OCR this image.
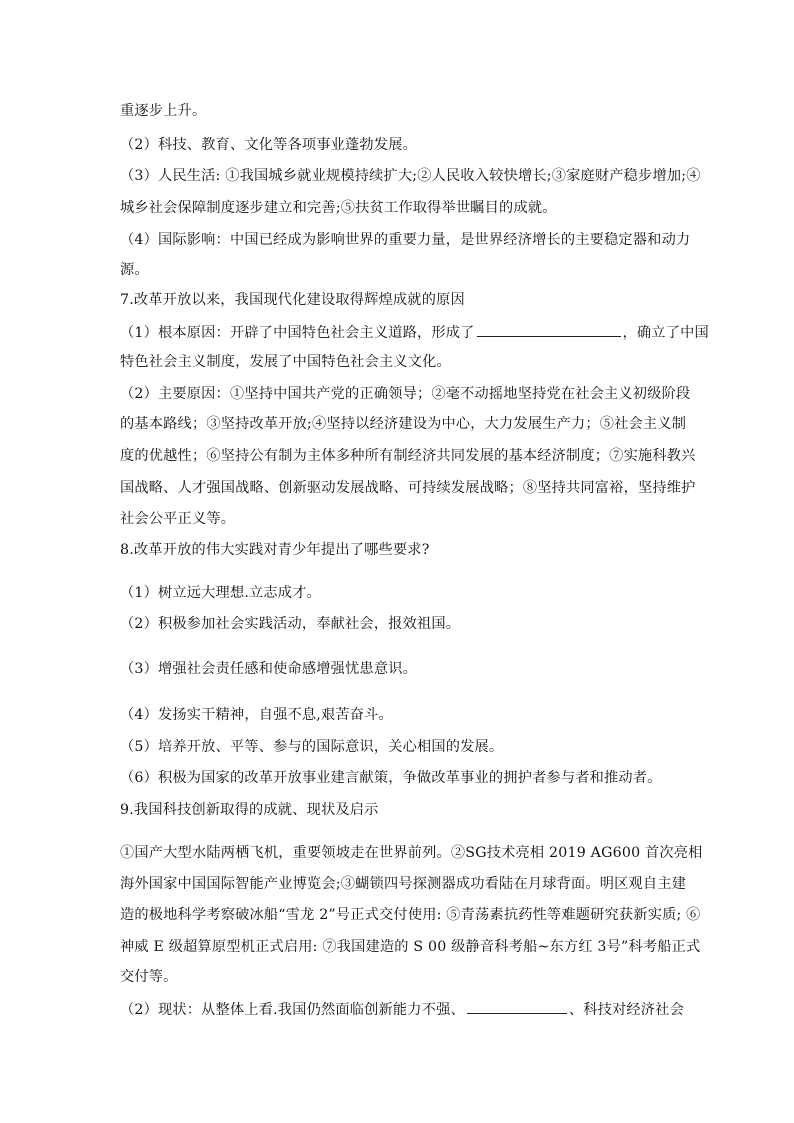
重逐步上升。
（2）科技、教育、文化等各项事业蓬勃发展。
（3）人民生活: ①我国城乡就业规模持续扩大;②人民收入较快增长;③家庭财产稳步增加;④
城乡社会保障制度逐步建立和完善;⑤扶贫工作取得举世瞩目的成就。
（4）国际影响：中国已经成为影响世界的重要力量，是世界经济增长的主要稳定器和动力
源。
7.改革开放以来，我国现代化建设取得辉煌成就的原因
（1）根本原因：开辟了中国特色社会主义道路，形成了	，确立了中国
特色社会主义制度，发展了中国特色社会主义文化。
（2）主要原因：①坚持中国共产党的正确领导；②毫不动摇地坚持党在社会主义初级阶段
的基本路线；③坚持改革开放;④坚持以经济建设为中心，大力发展生产力；⑤社会主义制
度的优越性；⑥坚持公有制为主体多种所有制经济共同发展的基本经济制度；⑦实施科教兴
国战略、人才强国战略、创新驱动发展战略、可持续发展战略；⑧坚持共同富裕，坚持维护
社会公平正义等。
8.改革开放的伟大实践对青少年提出了哪些要求?
（1）树立远大理想.立志成才。
（2）积极参加社会实践活动，奉献社会，报效祖国。
（3）增强社会责任感和使命感增强忧患意识。
（4）发扬实干精神，自强不息,艰苦奋斗。
（5）培养开放、平等、参与的国际意识，关心相国的发展。
（6）积极为国家的改革开放事业建言献策，争做改革事业的拥护者参与者和推动者。
9.我国科技创新取得的成就、现状及启示
①国产大型水陆两栖飞机，重要领坡走在世界前列。②SG技术亮相 2019 AG600 首次亮相
海外国家中国国际智能产业博览会;③蝴锁四号探测器成功看陆在月球背面。明区观自主建
造的极地科学考察破冰船“雪龙 2”号正式交付使用: ⑤青荡素抗药性等难题研究获新实质; ⑥
神威 E 级超算原型机正式启用: ⑦我国建造的 S 00 级静音科考船~东方红 3号”科考船正式
交付等。
（2）现状：从整体上看.我国仍然面临创新能力不强、	、科技对经济社会
